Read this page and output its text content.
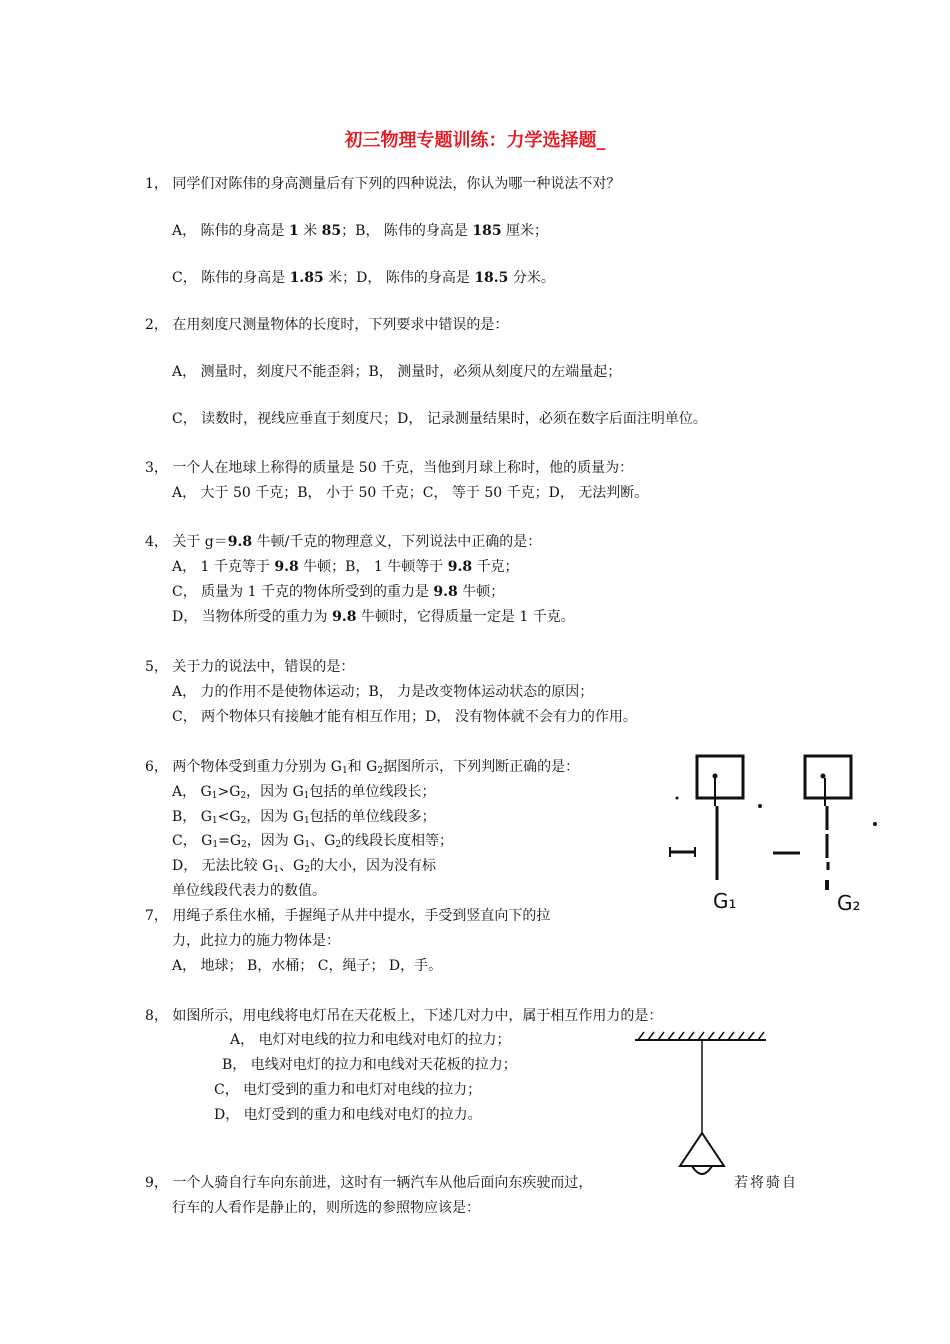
初三物理专题训练：力学选择题_
1， 同学们对陈伟的身高测量后有下列的四种说法，你认为哪一种说法不对？
A， 陈伟的身高是 1 米 85；B， 陈伟的身高是 185 厘米；
C， 陈伟的身高是 1.85 米；D， 陈伟的身高是 18.5 分米。
2， 在用刻度尺测量物体的长度时，下列要求中错误的是：
A， 测量时，刻度尺不能歪斜；B， 测量时，必须从刻度尺的左端量起；
C， 读数时，视线应垂直于刻度尺；D， 记录测量结果时，必须在数字后面注明单位。
3， 一个人在地球上称得的质量是 50 千克，当他到月球上称时，他的质量为：
A， 大于 50 千克；B， 小于 50 千克；C， 等于 50 千克；D， 无法判断。
4， 关于 g＝9.8 牛顿/千克的物理意义，下列说法中正确的是：
A， 1 千克等于 9.8 牛顿；B， 1 牛顿等于 9.8 千克；
C， 质量为 1 千克的物体所受到的重力是 9.8 牛顿；
D， 当物体所受的重力为 9.8 牛顿时，它得质量一定是 1 千克。
5， 关于力的说法中，错误的是：
A， 力的作用不是使物体运动；B， 力是改变物体运动状态的原因；
C， 两个物体只有接触才能有相互作用；D， 没有物体就不会有力的作用。
6， 两个物体受到重力分别为 $G_1$和 $G_2$据图所示，下列判断正确的是：
A， $G_1>G_2$，因为 $G_1$包括的单位线段长；
B， $G_1<G_2$，因为 $G_1$包括的单位线段多；
C， $G_1=G_2$，因为 $G_1$、$G_2$的线段长度相等；
D， 无法比较 $G_1$、$G_2$的大小，因为没有标
单位线段代表力的数值。	G₁	G₂
7， 用绳子系住水桶，手握绳子从井中提水，手受到竖直向下的拉
力，此拉力的施力物体是：
A， 地球； B，水桶； C，绳子； D，手。
8， 如图所示，用电线将电灯吊在天花板上，下述几对力中，属于相互作用力的是：
A， 电灯对电线的拉力和电线对电灯的拉力；
B， 电线对电灯的拉力和电线对天花板的拉力；
C， 电灯受到的重力和电灯对电线的拉力；
D， 电灯受到的重力和电线对电灯的拉力。
9， 一个人骑自行车向东前进，这时有一辆汽车从他后面向东疾驶而过，	若将骑自
行车的人看作是静止的，则所选的参照物应该是：
